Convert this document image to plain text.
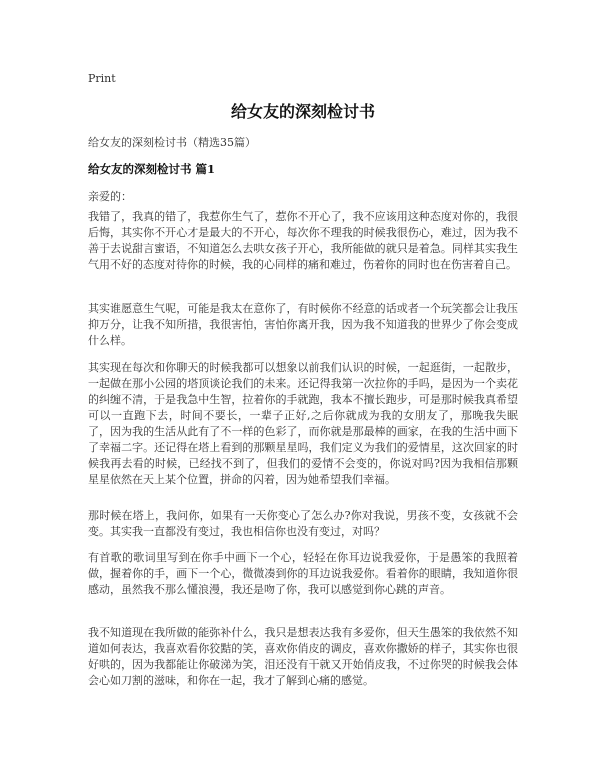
Print
给女友的深刻检讨书
给女友的深刻检讨书（精选35篇）
给女友的深刻检讨书 篇1
亲爱的：

我错了，我真的错了，我惹你生气了，惹你不开心了，我不应该用这种态度对你的，我很后悔，其实你不开心才是最大的不开心，每次你不理我的时候我很伤心，难过，因为我不善于去说甜言蜜语，不知道怎么去哄女孩子开心，我所能做的就只是着急。同样其实我生气用不好的态度对待你的时候，我的心同样的痛和难过，伤着你的同时也在伤害着自己。

其实谁愿意生气呢，可能是我太在意你了，有时候你不经意的话或者一个玩笑都会让我压抑万分，让我不知所措，我很害怕，害怕你离开我，因为我不知道我的世界少了你会变成什么样。

其实现在每次和你聊天的时候我都可以想象以前我们认识的时候，一起逛街，一起散步，一起做在那小公园的塔顶谈论我们的未来。还记得我第一次拉你的手吗，是因为一个卖花的纠缠不清，于是我急中生智，拉着你的手就跑，我本不擅长跑步，可是那时候我真希望可以一直跑下去，时间不要长，一辈子正好,之后你就成为我的女朋友了，那晚我失眠了，因为我的生活从此有了不一样的色彩了，而你就是那最棒的画家，在我的生活中画下了幸福二字。还记得在塔上看到的那颗星星吗，我们定义为我们的爱情星，这次回家的时候我再去看的时候，已经找不到了，但我们的爱情不会变的，你说对吗?因为我相信那颗星星依然在天上某个位置，拼命的闪着，因为她希望我们幸福。

那时候在塔上，我问你，如果有一天你变心了怎么办?你对我说，男孩不变，女孩就不会变。其实我一直都没有变过，我也相信你也没有变过，对吗？

有首歌的歌词里写到在你手中画下一个心，轻轻在你耳边说我爱你，于是愚笨的我照着做，握着你的手，画下一个心，微微凑到你的耳边说我爱你。看着你的眼睛，我知道你很感动，虽然我不那么懂浪漫，我还是吻了你，我可以感觉到你心跳的声音。

我不知道现在我所做的能弥补什么，我只是想表达我有多爱你，但天生愚笨的我依然不知道如何表达，我喜欢看你狡黠的笑，喜欢你俏皮的调皮，喜欢你撒娇的样子，其实你也很好哄的，因为我都能让你破涕为笑，泪还没有干就又开始俏皮我，不过你哭的时候我会体会心如刀割的滋味，和你在一起，我才了解到心痛的感觉。
